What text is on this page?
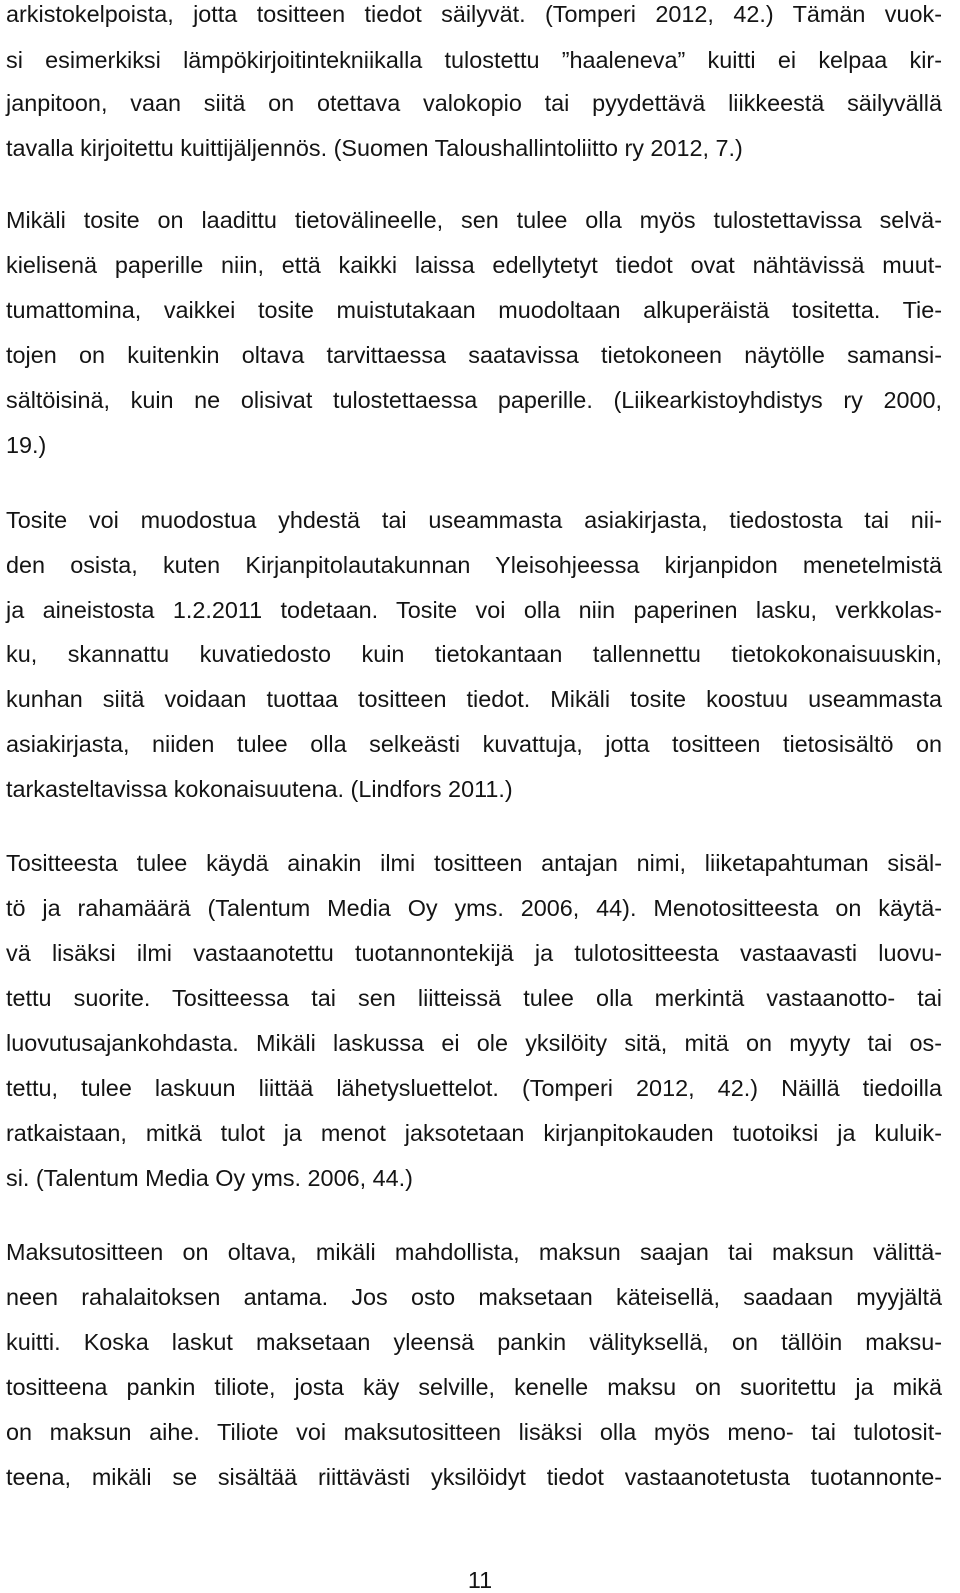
arkistokelpoista, jotta tositteen tiedot säilyvät. (Tomperi 2012, 42.) Tämän vuok-
si esimerkiksi lämpökirjoitintekniikalla tulostettu ”haaleneva” kuitti ei kelpaa kir-
janpitoon, vaan siitä on otettava valokopio tai pyydettävä liikkeestä säilyvällä
tavalla kirjoitettu kuittijäljennös. (Suomen Taloushallintoliitto ry 2012, 7.)
Mikäli tosite on laadittu tietovälineelle, sen tulee olla myös tulostettavissa selvä-
kielisenä paperille niin, että kaikki laissa edellytetyt tiedot ovat nähtävissä muut-
tumattomina, vaikkei tosite muistutakaan muodoltaan alkuperäistä tositetta. Tie-
tojen on kuitenkin oltava tarvittaessa saatavissa tietokoneen näytölle samansi-
sältöisinä, kuin ne olisivat tulostettaessa paperille. (Liikearkistoyhdistys ry 2000,
19.)
Tosite voi muodostua yhdestä tai useammasta asiakirjasta, tiedostosta tai nii-
den osista, kuten Kirjanpitolautakunnan Yleisohjeessa kirjanpidon menetelmistä
ja aineistosta 1.2.2011 todetaan. Tosite voi olla niin paperinen lasku, verkkolas-
ku, skannattu kuvatiedosto kuin tietokantaan tallennettu tietokokonaisuuskin,
kunhan siitä voidaan tuottaa tositteen tiedot. Mikäli tosite koostuu useammasta
asiakirjasta, niiden tulee olla selkeästi kuvattuja, jotta tositteen tietosisältö on
tarkasteltavissa kokonaisuutena. (Lindfors 2011.)
Tositteesta tulee käydä ainakin ilmi tositteen antajan nimi, liiketapahtuman sisäl-
tö ja rahamäärä (Talentum Media Oy yms. 2006, 44). Menotositteesta on käytä-
vä lisäksi ilmi vastaanotettu tuotannontekijä ja tulotositteesta vastaavasti luovu-
tettu suorite. Tositteessa tai sen liitteissä tulee olla merkintä vastaanotto- tai
luovutusajankohdasta. Mikäli laskussa ei ole yksilöity sitä, mitä on myyty tai os-
tettu, tulee laskuun liittää lähetysluettelot. (Tomperi 2012, 42.) Näillä tiedoilla
ratkaistaan, mitkä tulot ja menot jaksotetaan kirjanpitokauden tuotoiksi ja kuluik-
si. (Talentum Media Oy yms. 2006, 44.)
Maksutositteen on oltava, mikäli mahdollista, maksun saajan tai maksun välittä-
neen rahalaitoksen antama. Jos osto maksetaan käteisellä, saadaan myyjältä
kuitti. Koska laskut maksetaan yleensä pankin välityksellä, on tällöin maksu-
tositteena pankin tiliote, josta käy selville, kenelle maksu on suoritettu ja mikä
on maksun aihe. Tiliote voi maksutositteen lisäksi olla myös meno- tai tulotosit-
teena, mikäli se sisältää riittävästi yksilöidyt tiedot vastaanotetusta tuotannonte-
11
